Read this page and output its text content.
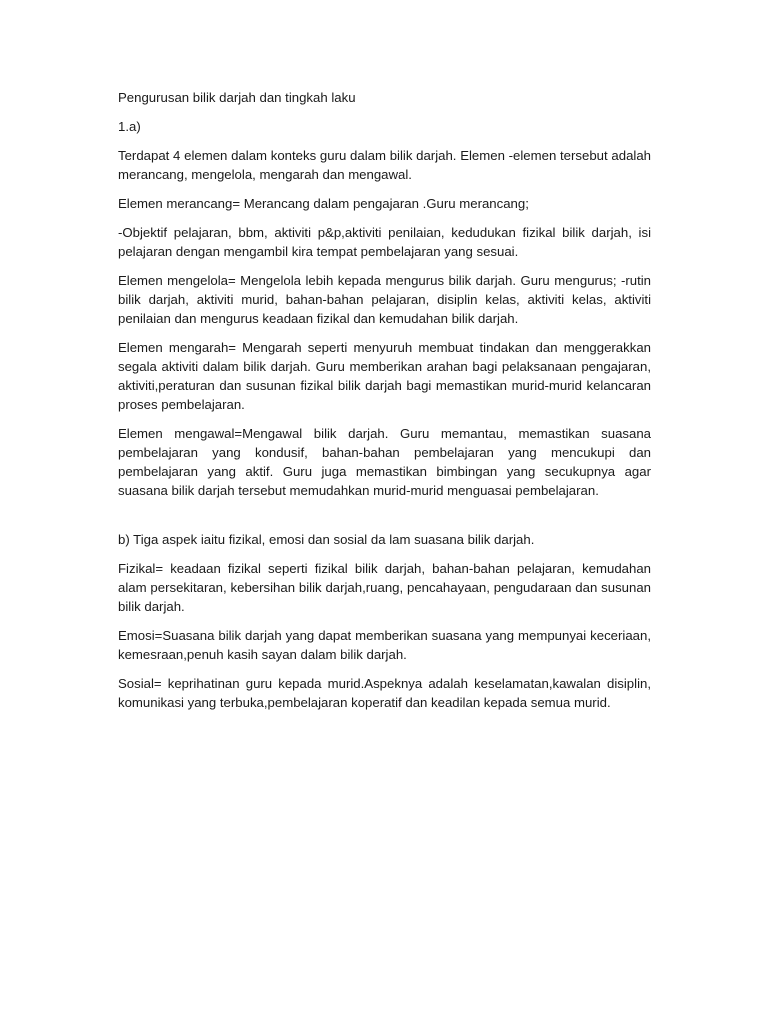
Pengurusan bilik darjah dan tingkah laku

1.a)

Terdapat 4 elemen dalam konteks guru dalam bilik darjah. Elemen -elemen tersebut adalah merancang, mengelola, mengarah dan mengawal.

Elemen merancang= Merancang dalam pengajaran .Guru merancang;

-Objektif pelajaran, bbm, aktiviti p&p,aktiviti penilaian, kedudukan fizikal bilik darjah, isi pelajaran dengan mengambil kira tempat pembelajaran yang sesuai.

Elemen mengelola= Mengelola lebih kepada mengurus bilik darjah. Guru mengurus; -rutin bilik darjah, aktiviti murid, bahan-bahan pelajaran, disiplin kelas, aktiviti kelas, aktiviti penilaian dan mengurus keadaan fizikal dan kemudahan bilik darjah.

Elemen mengarah= Mengarah seperti menyuruh membuat tindakan dan menggerakkan segala aktiviti dalam bilik darjah. Guru memberikan arahan bagi pelaksanaan pengajaran, aktiviti,peraturan dan susunan fizikal bilik darjah bagi memastikan murid-murid kelancaran proses pembelajaran.

Elemen mengawal=Mengawal bilik darjah. Guru memantau, memastikan suasana pembelajaran yang kondusif, bahan-bahan pembelajaran yang mencukupi dan pembelajaran yang aktif. Guru juga memastikan bimbingan yang secukupnya agar suasana bilik darjah tersebut memudahkan murid-murid menguasai pembelajaran.

b) Tiga aspek iaitu fizikal, emosi dan sosial da lam suasana bilik darjah.

Fizikal= keadaan fizikal seperti fizikal bilik darjah, bahan-bahan pelajaran, kemudahan alam persekitaran, kebersihan bilik darjah,ruang, pencahayaan, pengudaraan dan susunan bilik darjah.

Emosi=Suasana bilik darjah yang dapat memberikan suasana yang mempunyai keceriaan, kemesraan,penuh kasih sayan dalam bilik darjah.

Sosial= keprihatinan guru kepada murid.Aspeknya adalah keselamatan,kawalan disiplin, komunikasi yang terbuka,pembelajaran koperatif dan keadilan kepada semua murid.
